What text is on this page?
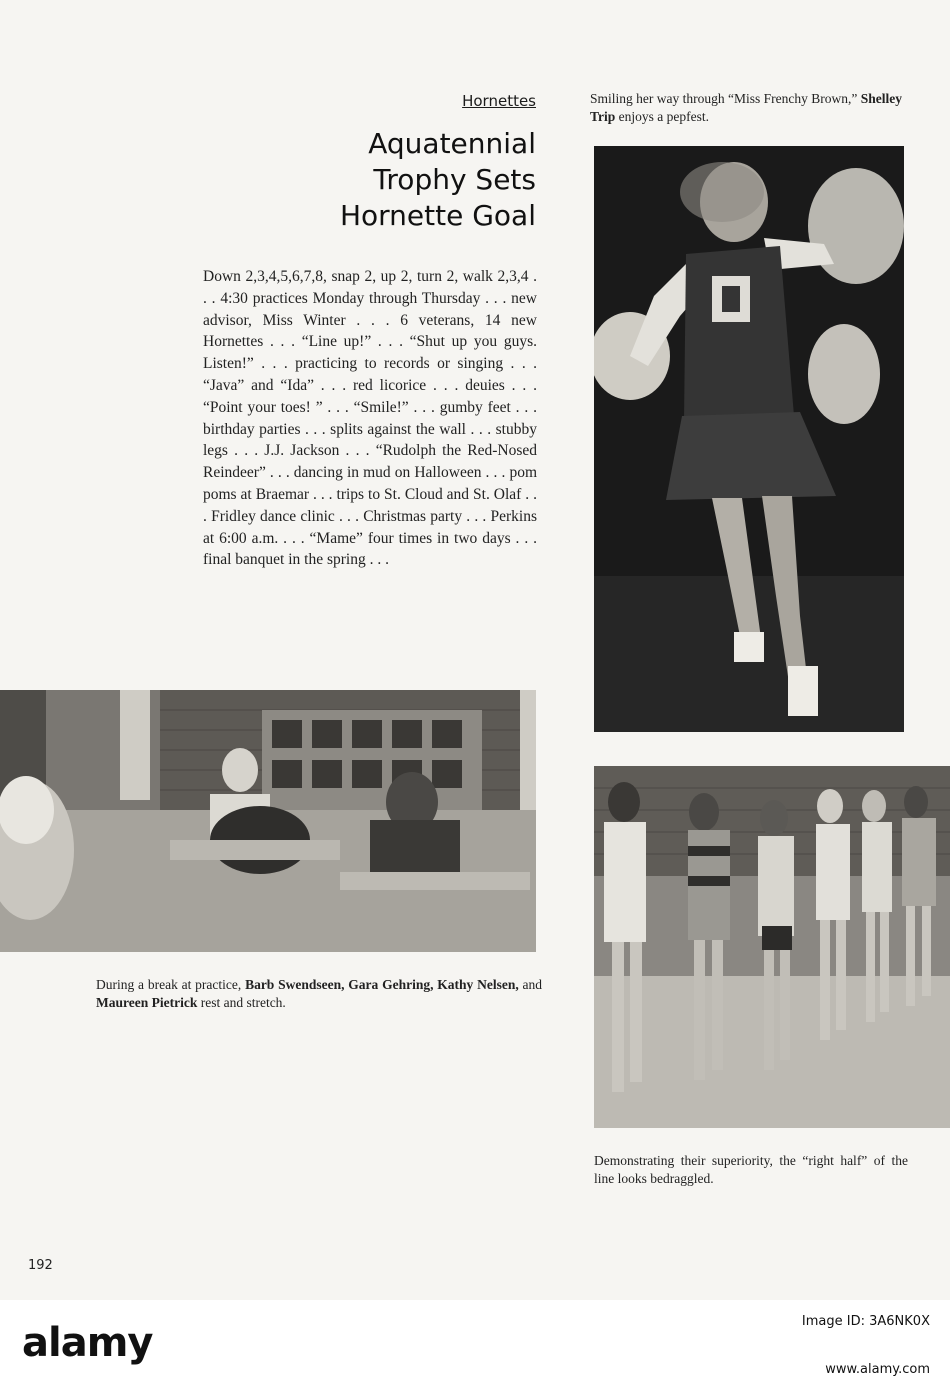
Hornettes
Aquatennial
Trophy Sets
Hornette Goal

Down 2,3,4,5,6,7,8, snap 2, up 2, turn 2, walk 2,3,4 . . . 4:30 practices Monday through Thursday . . . new advisor, Miss Winter . . . 6 veterans, 14 new Hornettes . . . “Line up!” . . . “Shut up you guys. Listen!” . . . practicing to records or singing . . . “Java” and “Ida” . . . red licorice . . . deuies . . . “Point your toes! ” . . . “Smile!” . . . gumby feet . . . birthday parties . . . splits against the wall . . . stubby legs . . . J.J. Jackson . . . “Rudolph the Red-Nosed Reindeer” . . . dancing in mud on Halloween . . . pom poms at Braemar . . . trips to St. Cloud and St. Olaf . . . Fridley dance clinic . . . Christmas party . . . Perkins at 6:00 a.m. . . . “Mame” four times in two days . . . final banquet in the spring . . .

Smiling her way through “Miss Frenchy Brown,” Shelley Trip enjoys a pepfest.

During a break at practice, Barb Swendseen, Gara Gehring, Kathy Nelsen, and Maureen Pietrick rest and stretch.

Demonstrating their superiority, the “right half” of the line looks bedraggled.

192
alamy	Image ID: 3A6NK0X
www.alamy.com
